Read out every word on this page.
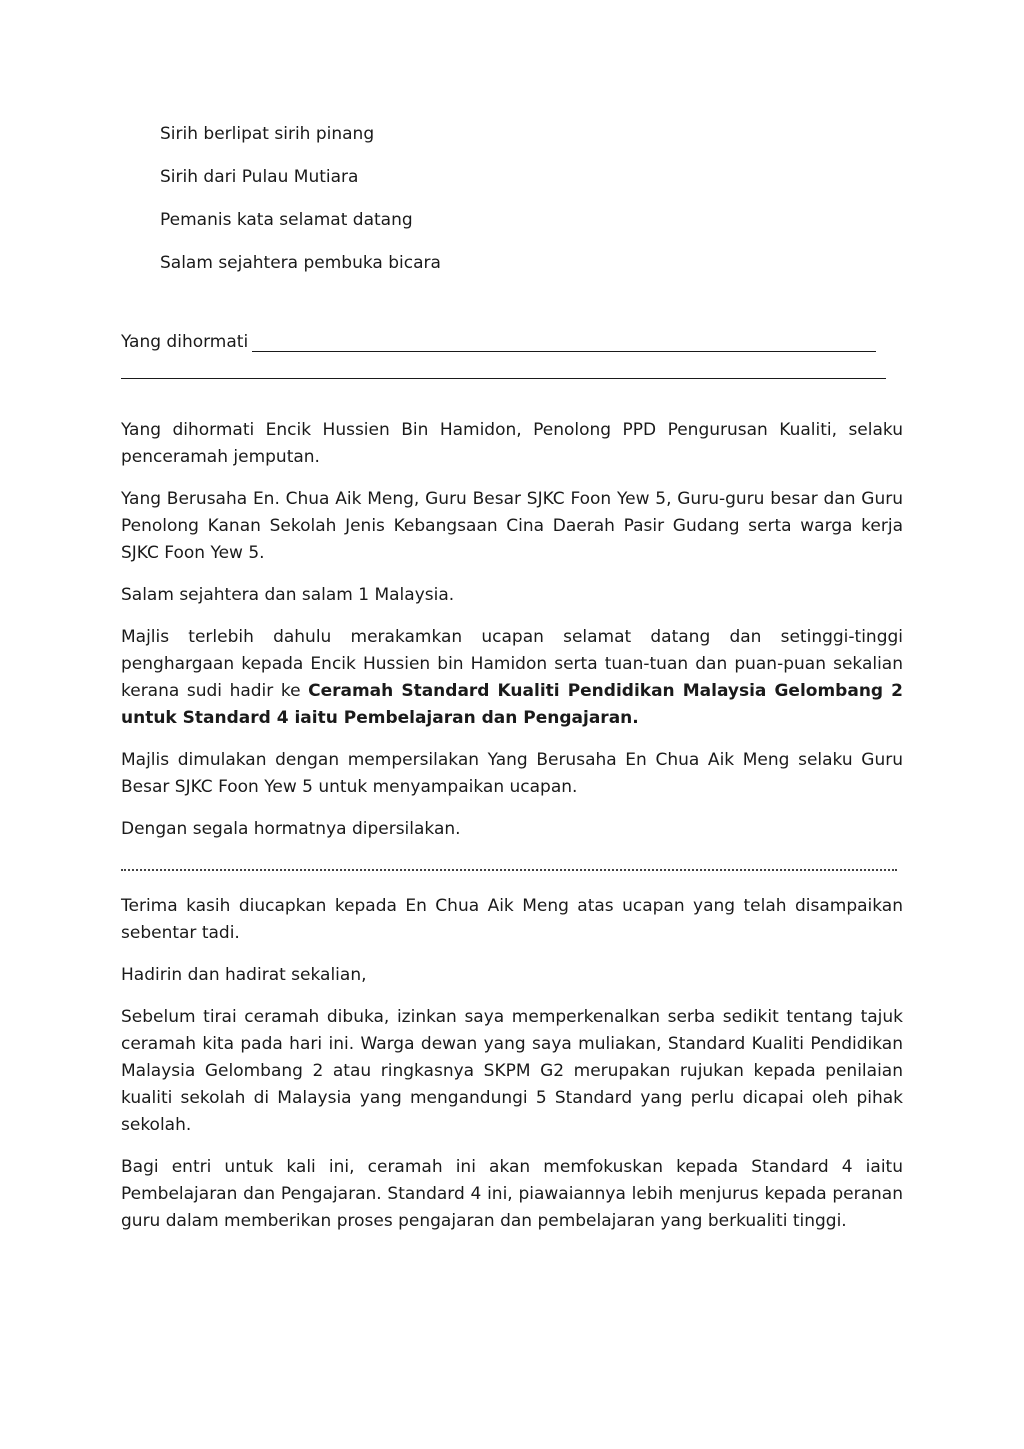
Sirih berlipat sirih pinang

Sirih dari Pulau Mutiara

Pemanis kata selamat datang

Salam sejahtera pembuka bicara

Yang dihormati

Yang dihormati Encik Hussien Bin Hamidon, Penolong PPD Pengurusan Kualiti, selaku penceramah jemputan.

Yang Berusaha En. Chua Aik Meng, Guru Besar SJKC Foon Yew 5, Guru-guru besar dan Guru Penolong Kanan Sekolah Jenis Kebangsaan Cina Daerah Pasir Gudang serta warga kerja SJKC Foon Yew 5.

Salam sejahtera dan salam 1 Malaysia.

Majlis terlebih dahulu merakamkan ucapan selamat datang dan setinggi-tinggi penghargaan kepada Encik Hussien bin Hamidon serta tuan-tuan dan puan-puan sekalian kerana sudi hadir ke Ceramah Standard Kualiti Pendidikan Malaysia Gelombang 2 untuk Standard 4 iaitu Pembelajaran dan Pengajaran.

Majlis dimulakan dengan mempersilakan Yang Berusaha En Chua Aik Meng selaku Guru Besar SJKC Foon Yew 5 untuk menyampaikan ucapan.

Dengan segala hormatnya dipersilakan.

Terima kasih diucapkan kepada En Chua Aik Meng atas ucapan yang telah disampaikan sebentar tadi.

Hadirin dan hadirat sekalian,

Sebelum tirai ceramah dibuka, izinkan saya memperkenalkan serba sedikit tentang tajuk ceramah kita pada hari ini. Warga dewan yang saya muliakan, Standard Kualiti Pendidikan Malaysia Gelombang 2 atau ringkasnya SKPM G2 merupakan rujukan kepada penilaian kualiti sekolah di Malaysia yang mengandungi 5 Standard yang perlu dicapai oleh pihak sekolah.

Bagi entri untuk kali ini, ceramah ini akan memfokuskan kepada Standard 4 iaitu Pembelajaran dan Pengajaran. Standard 4 ini, piawaiannya lebih menjurus kepada peranan guru dalam memberikan proses pengajaran dan pembelajaran yang berkualiti tinggi.
